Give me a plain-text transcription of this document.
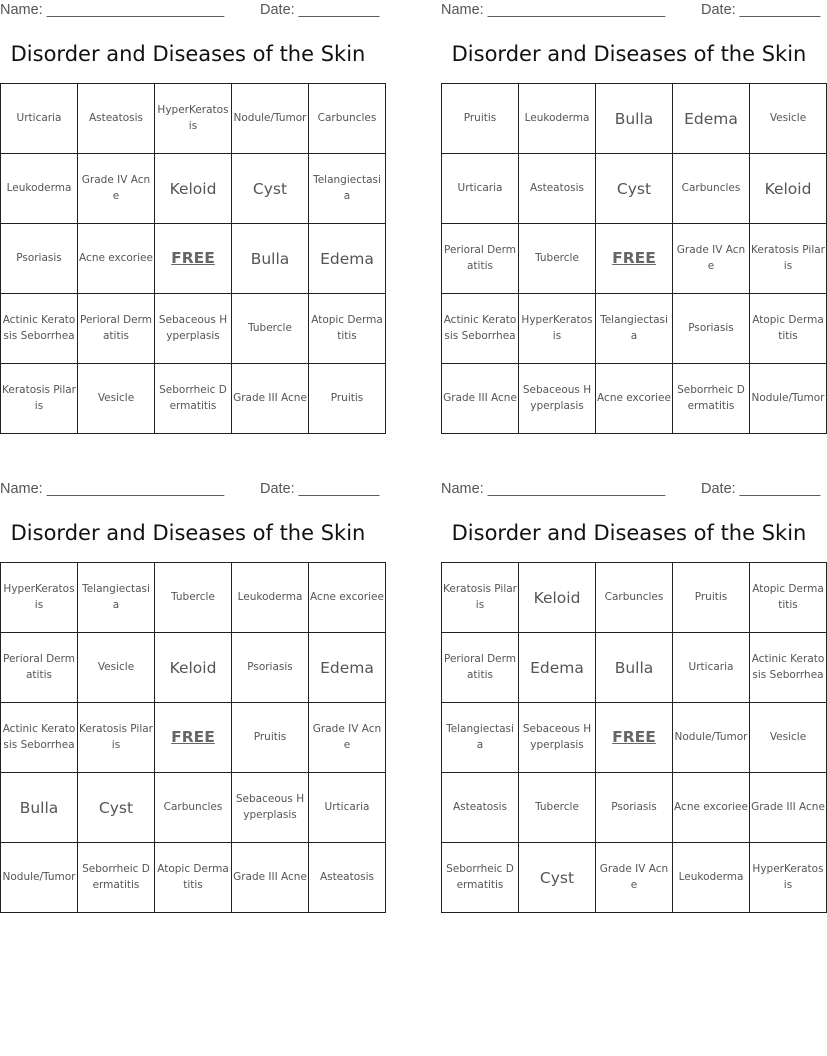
Name: ______________________ Date: __________
Disorder and Diseases of the Skin
Urticaria	Asteatosis	HyperKeratosis	Nodule/Tumor	Carbuncles
Leukoderma	Grade IV Acne	Keloid	Cyst	Telangiectasia
Psoriasis	Acne excoriee	FREE	Bulla	Edema
Actinic Keratosis Seborrhea	Perioral Dermatitis	Sebaceous Hyperplasis	Tubercle	Atopic Dermatitis
Keratosis Pilaris	Vesicle	Seborrheic Dermatitis	Grade III Acne	Pruitis
Name: ______________________ Date: __________
Disorder and Diseases of the Skin
Pruitis	Leukoderma	Bulla	Edema	Vesicle
Urticaria	Asteatosis	Cyst	Carbuncles	Keloid
Perioral Dermatitis	Tubercle	FREE	Grade IV Acne	Keratosis Pilaris
Actinic Keratosis Seborrhea	HyperKeratosis	Telangiectasia	Psoriasis	Atopic Dermatitis
Grade III Acne	Sebaceous Hyperplasis	Acne excoriee	Seborrheic Dermatitis	Nodule/Tumor
Name: ______________________ Date: __________
Disorder and Diseases of the Skin
HyperKeratosis	Telangiectasia	Tubercle	Leukoderma	Acne excoriee
Perioral Dermatitis	Vesicle	Keloid	Psoriasis	Edema
Actinic Keratosis Seborrhea	Keratosis Pilaris	FREE	Pruitis	Grade IV Acne
Bulla	Cyst	Carbuncles	Sebaceous Hyperplasis	Urticaria
Nodule/Tumor	Seborrheic Dermatitis	Atopic Dermatitis	Grade III Acne	Asteatosis
Name: ______________________ Date: __________
Disorder and Diseases of the Skin
Keratosis Pilaris	Keloid	Carbuncles	Pruitis	Atopic Dermatitis
Perioral Dermatitis	Edema	Bulla	Urticaria	Actinic Keratosis Seborrhea
Telangiectasia	Sebaceous Hyperplasis	FREE	Nodule/Tumor	Vesicle
Asteatosis	Tubercle	Psoriasis	Acne excoriee	Grade III Acne
Seborrheic Dermatitis	Cyst	Grade IV Acne	Leukoderma	HyperKeratosis
